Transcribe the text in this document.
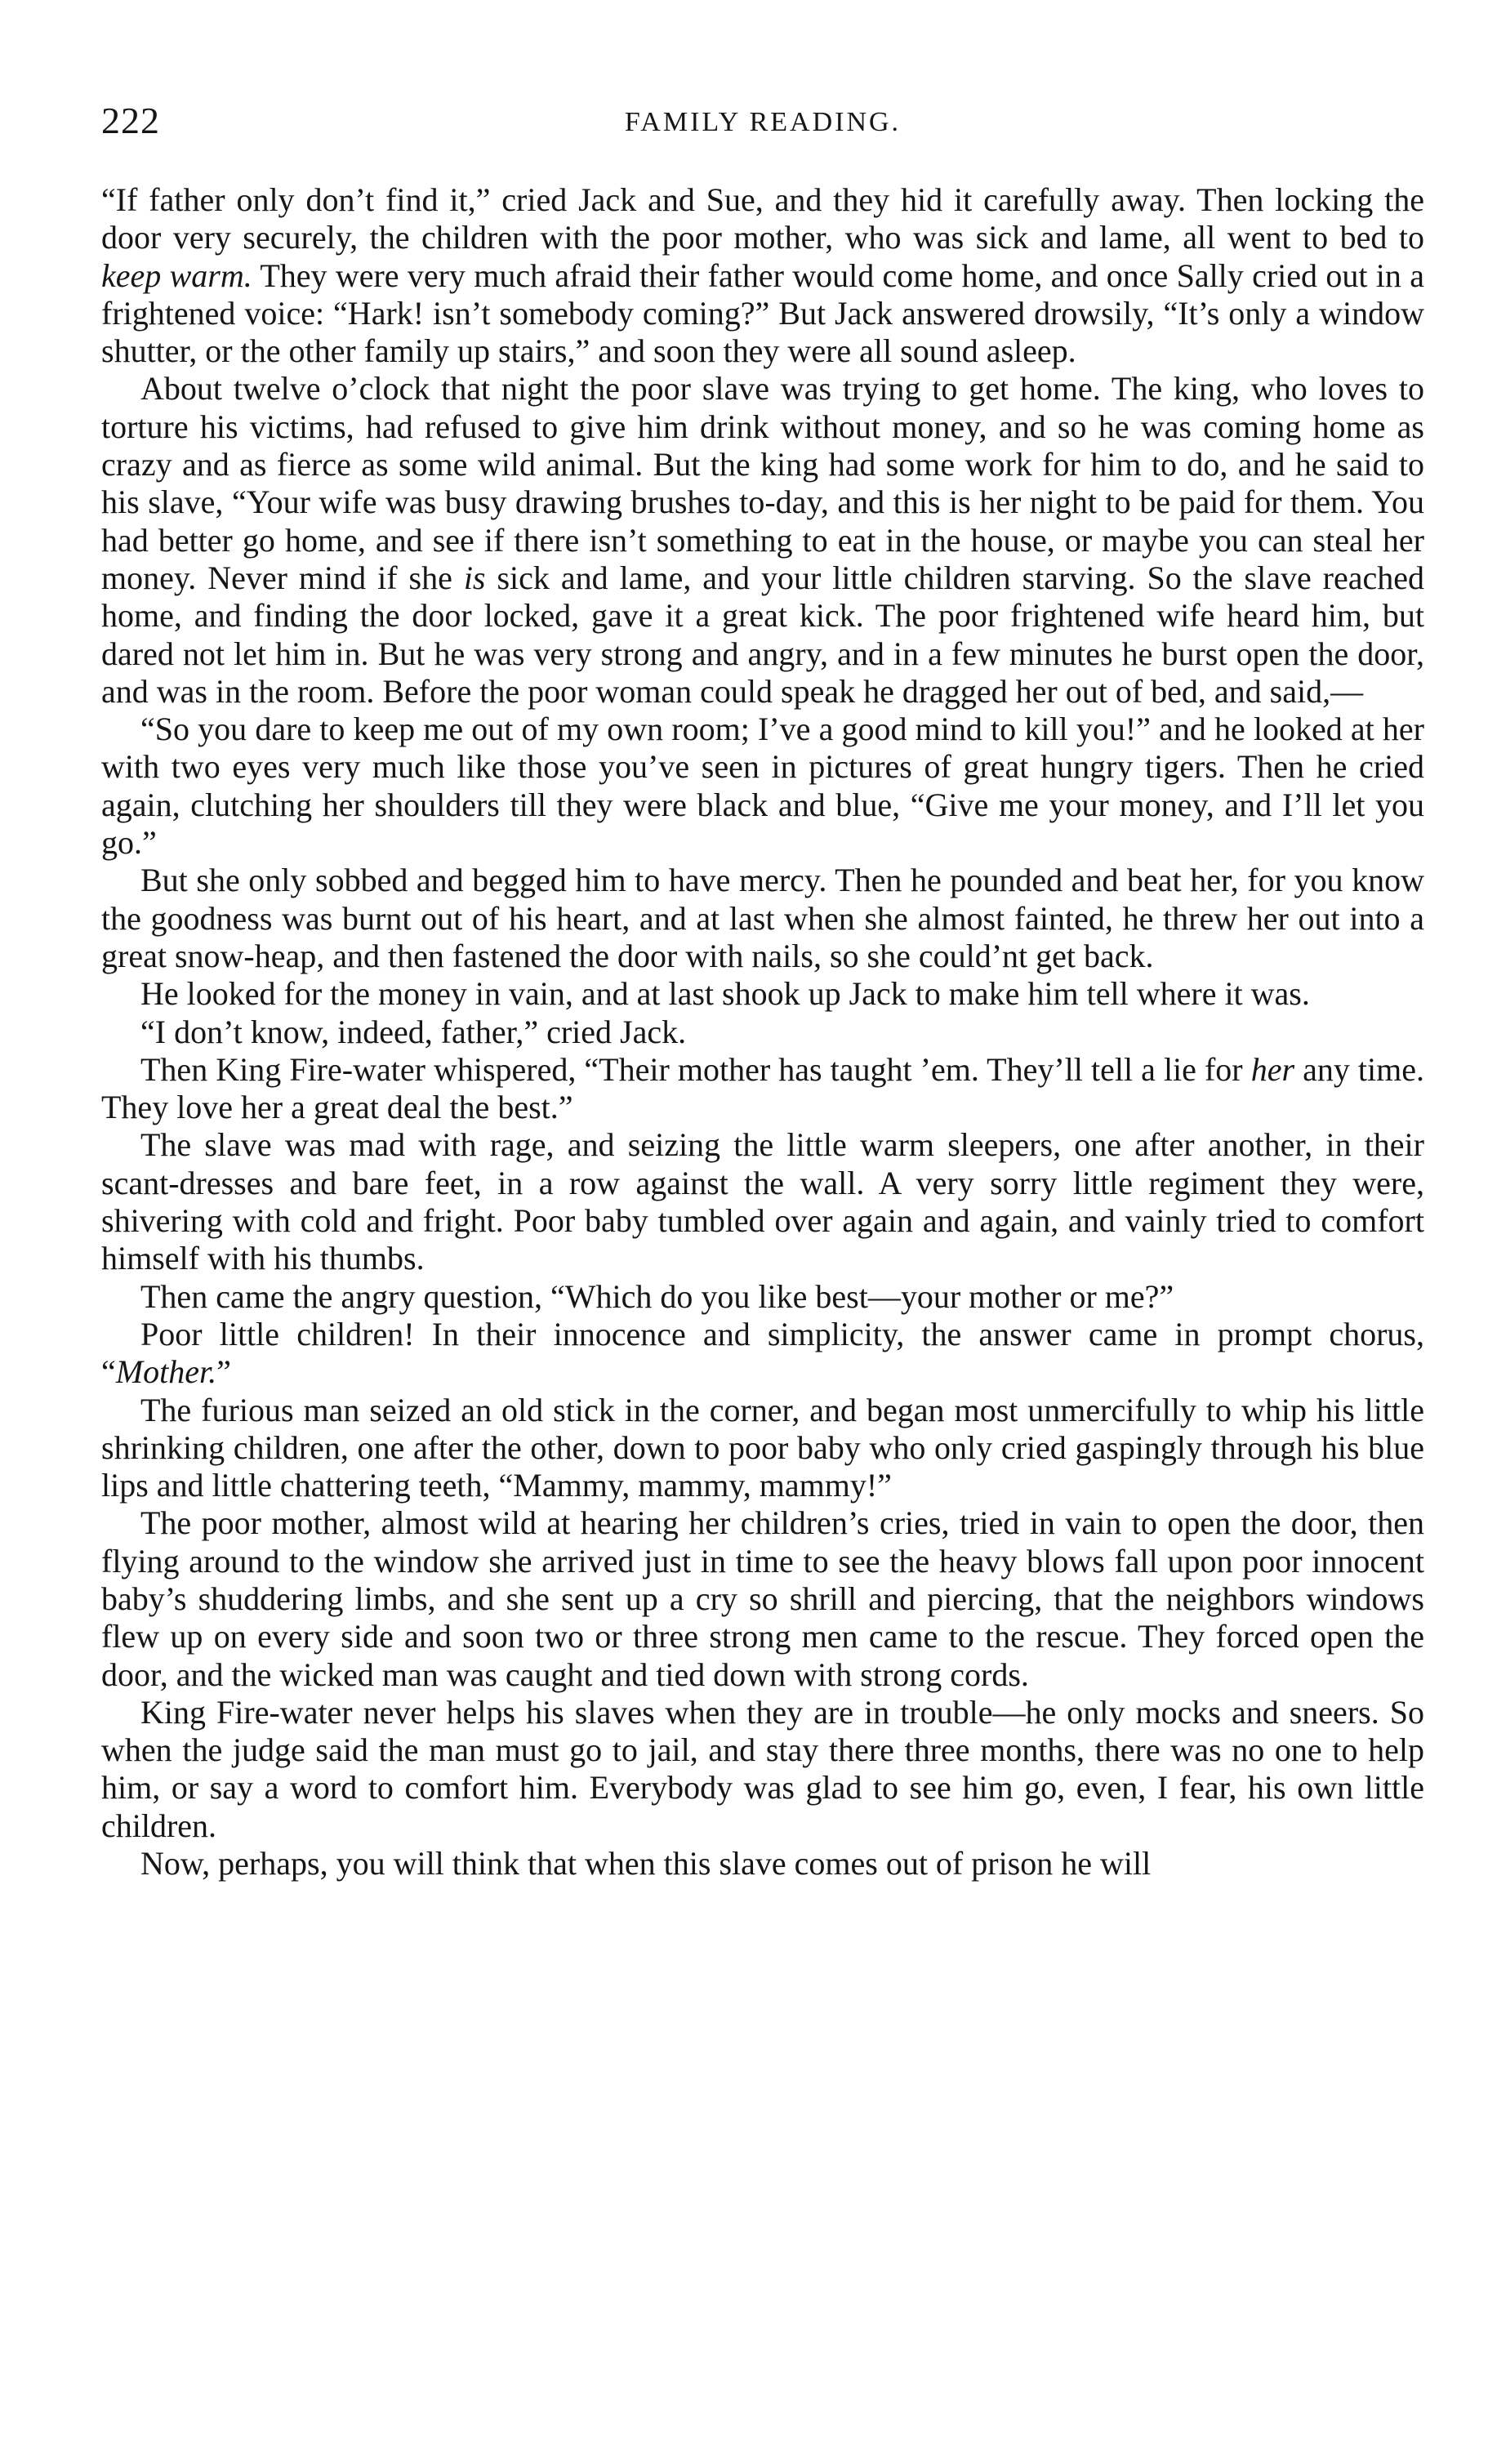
222	FAMILY READING.

“If father only don’t find it,” cried Jack and Sue, and they hid it carefully away. Then locking the door very securely, the children with the poor mother, who was sick and lame, all went to bed to keep warm. They were very much afraid their father would come home, and once Sally cried out in a frightened voice: “Hark! isn’t somebody coming?” But Jack answered drowsily, “It’s only a window shutter, or the other family up stairs,” and soon they were all sound asleep.

About twelve o’clock that night the poor slave was trying to get home. The king, who loves to torture his victims, had refused to give him drink without money, and so he was coming home as crazy and as fierce as some wild animal. But the king had some work for him to do, and he said to his slave, “Your wife was busy drawing brushes to-day, and this is her night to be paid for them. You had better go home, and see if there isn’t something to eat in the house, or maybe you can steal her money. Never mind if she is sick and lame, and your little children starving. So the slave reached home, and finding the door locked, gave it a great kick. The poor frightened wife heard him, but dared not let him in. But he was very strong and angry, and in a few minutes he burst open the door, and was in the room. Before the poor woman could speak he dragged her out of bed, and said,—

“So you dare to keep me out of my own room; I’ve a good mind to kill you!” and he looked at her with two eyes very much like those you’ve seen in pictures of great hungry tigers. Then he cried again, clutching her shoulders till they were black and blue, “Give me your money, and I’ll let you go.”

But she only sobbed and begged him to have mercy. Then he pounded and beat her, for you know the goodness was burnt out of his heart, and at last when she almost fainted, he threw her out into a great snow-heap, and then fastened the door with nails, so she could’nt get back.

He looked for the money in vain, and at last shook up Jack to make him tell where it was.

“I don’t know, indeed, father,” cried Jack.

Then King Fire-water whispered, “Their mother has taught ’em. They’ll tell a lie for her any time. They love her a great deal the best.”

The slave was mad with rage, and seizing the little warm sleepers, one after another, in their scant-dresses and bare feet, in a row against the wall. A very sorry little regiment they were, shivering with cold and fright. Poor baby tumbled over again and again, and vainly tried to comfort himself with his thumbs.

Then came the angry question, “Which do you like best—your mother or me?”

Poor little children! In their innocence and simplicity, the answer came in prompt chorus, “Mother.”

The furious man seized an old stick in the corner, and began most unmercifully to whip his little shrinking children, one after the other, down to poor baby who only cried gaspingly through his blue lips and little chattering teeth, “Mammy, mammy, mammy!”

The poor mother, almost wild at hearing her children’s cries, tried in vain to open the door, then flying around to the window she arrived just in time to see the heavy blows fall upon poor innocent baby’s shuddering limbs, and she sent up a cry so shrill and piercing, that the neighbors windows flew up on every side and soon two or three strong men came to the rescue. They forced open the door, and the wicked man was caught and tied down with strong cords.

King Fire-water never helps his slaves when they are in trouble—he only mocks and sneers. So when the judge said the man must go to jail, and stay there three months, there was no one to help him, or say a word to comfort him. Everybody was glad to see him go, even, I fear, his own little children.

Now, perhaps, you will think that when this slave comes out of prison he will
